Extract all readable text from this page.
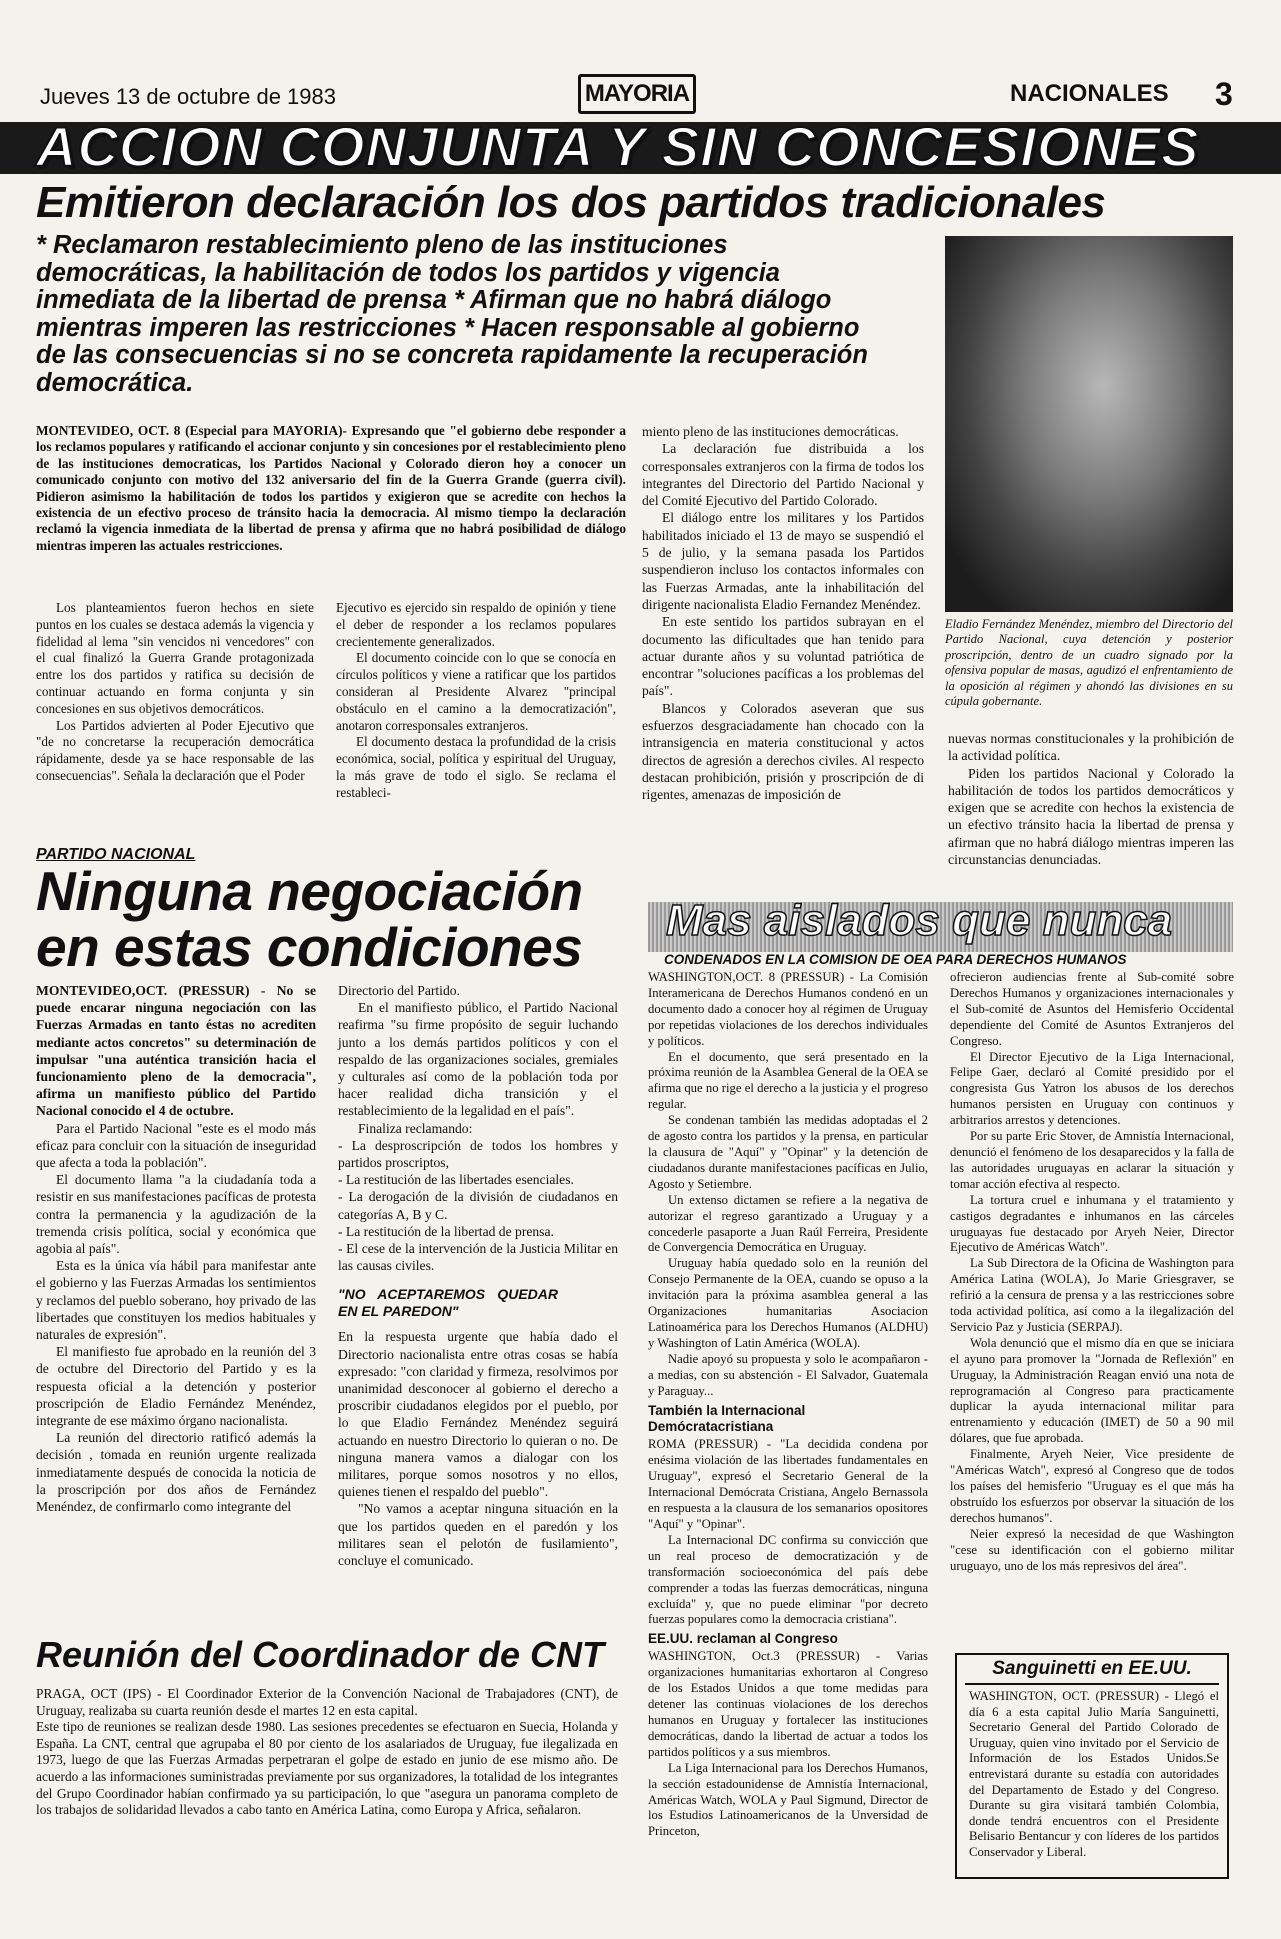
Jueves 13 de octubre de 1983	MAYORIA	NACIONALES 3
ACCION CONJUNTA Y SIN CONCESIONES
Emitieron declaración los dos partidos tradicionales
* Reclamaron restablecimiento pleno de las instituciones democráticas, la habilitación de todos los partidos y vigencia inmediata de la libertad de prensa * Afirman que no habrá diálogo mientras imperen las restricciones * Hacen responsable al gobierno de las consecuencias si no se concreta rapidamente la recuperación democrática.
Eladio Fernández Menéndez, miembro del Directorio del Partido Nacional, cuya detención y posterior proscripción, dentro de un cuadro signado por la ofensiva popular de masas, agudizó el enfrentamiento de la oposición al régimen y ahondó las divisiones en su cúpula gobernante.
MONTEVIDEO, OCT. 8 (Especial para MAYORIA)- Expresando que "el gobierno debe responder a los reclamos populares y ratificando el accionar conjunto y sin concesiones por el restablecimiento pleno de las instituciones democraticas, los Partidos Nacional y Colorado dieron hoy a conocer un comunicado conjunto con motivo del 132 aniversario del fin de la Guerra Grande (guerra civil). Pidieron asimismo la habilitación de todos los partidos y exigieron que se acredite con hechos la existencia de un efectivo proceso de tránsito hacia la democracia. Al mismo tiempo la declaración reclamó la vigencia inmediata de la libertad de prensa y afirma que no habrá posibilidad de diálogo mientras imperen las actuales restricciones.

Los planteamientos fueron hechos en siete puntos en los cuales se destaca además la vigencia y fidelidad al lema "sin vencidos ni vencedores" con el cual finalizó la Guerra Grande protagonizada entre los dos partidos y ratifica su decisión de continuar actuando en forma conjunta y sin concesiones en sus objetivos democráticos.

Los Partidos advierten al Poder Ejecutivo que "de no concretarse la recuperación democrática rápidamente, desde ya se hace responsable de las consecuencias". Señala la declaración que el Poder

Ejecutivo es ejercido sin respaldo de opinión y tiene el deber de responder a los reclamos populares crecientemente generalizados.

El documento coincide con lo que se conocía en círculos políticos y viene a ratificar que los partidos consideran al Presidente Alvarez "principal obstáculo en el camino a la democratización", anotaron corresponsales extranjeros.

El documento destaca la profundidad de la crisis económica, social, política y espiritual del Uruguay, la más grave de todo el siglo. Se reclama el restableci-

miento pleno de las instituciones democráticas.

La declaración fue distribuida a los corresponsales extranjeros con la firma de todos los integrantes del Directorio del Partido Nacional y del Comité Ejecutivo del Partido Colorado.

El diálogo entre los militares y los Partidos habilitados iniciado el 13 de mayo se suspendió el 5 de julio, y la semana pasada los Partidos suspendieron incluso los contactos informales con las Fuerzas Armadas, ante la inhabilitación del dirigente nacionalista Eladio Fernandez Menéndez.

En este sentido los partidos subrayan en el documento las dificultades que han tenido para actuar durante años y su voluntad patriótica de encontrar "soluciones pacíficas a los problemas del país".

Blancos y Colorados aseveran que sus esfuerzos desgraciadamente han chocado con la intransigencia en materia constitucional y actos directos de agresión a derechos civiles. Al respecto destacan prohibición, prisión y proscripción de di rigentes, amenazas de imposición de

nuevas normas constitucionales y la prohibición de la actividad política.

Piden los partidos Nacional y Colorado la habilitación de todos los partidos democráticos y exigen que se acredite con hechos la existencia de un efectivo tránsito hacia la libertad de prensa y afirman que no habrá diálogo mientras imperen las circunstancias denunciadas.

PARTIDO NACIONAL
Ninguna negociación
en estas condiciones

MONTEVIDEO,OCT. (PRESSUR) - No se puede encarar ninguna negociación con las Fuerzas Armadas en tanto éstas no acrediten mediante actos concretos" su determinación de impulsar "una auténtica transición hacia el funcionamiento pleno de la democracia", afirma un manifiesto público del Partido Nacional conocido el 4 de octubre.

Para el Partido Nacional "este es el modo más eficaz para concluir con la situación de inseguridad que afecta a toda la población".

El documento llama "a la ciudadanía toda a resistir en sus manifestaciones pacíficas de protesta contra la permanencia y la agudización de la tremenda crisis política, social y económica que agobia al país".

Esta es la única vía hábil para manifestar ante el gobierno y las Fuerzas Armadas los sentimientos y reclamos del pueblo soberano, hoy privado de las libertades que constituyen los medios habituales y naturales de expresión".

El manifiesto fue aprobado en la reunión del 3 de octubre del Directorio del Partido y es la respuesta oficial a la detención y posterior proscripción de Eladio Fernández Menéndez, integrante de ese máximo órgano nacionalista.

La reunión del directorio ratificó además la decisión , tomada en reunión urgente realizada inmediatamente después de conocida la noticia de la proscripción por dos años de Fernández Menéndez, de confirmarlo como integrante del

Directorio del Partido.

En el manifiesto público, el Partido Nacional reafirma "su firme propósito de seguir luchando junto a los demás partidos políticos y con el respaldo de las organizaciones sociales, gremiales y culturales así como de la población toda por hacer realidad dicha transición y el restablecimiento de la legalidad en el país".

Finaliza reclamando:

- La desproscripción de todos los hombres y partidos proscriptos,
- La restitución de las libertades esenciales.
- La derogación de la división de ciudadanos en categorías A, B y C.
- La restitución de la libertad de prensa.
- El cese de la intervención de la Justicia Militar en las causas civiles.
"NO ACEPTAREMOS QUEDAR EN EL PAREDON"

En la respuesta urgente que había dado el Directorio nacionalista entre otras cosas se había expresado: "con claridad y firmeza, resolvimos por unanimidad desconocer al gobierno el derecho a proscribir ciudadanos elegidos por el pueblo, por lo que Eladio Fernández Menéndez seguirá actuando en nuestro Directorio lo quieran o no. De ninguna manera vamos a dialogar con los militares, porque somos nosotros y no ellos, quienes tienen el respaldo del pueblo".

"No vamos a aceptar ninguna situación en la que los partidos queden en el paredón y los militares sean el pelotón de fusilamiento", concluye el comunicado.

Reunión del Coordinador de CNT

PRAGA, OCT (IPS) - El Coordinador Exterior de la Convención Nacional de Trabajadores (CNT), de Uruguay, realizaba su cuarta reunión desde el martes 12 en esta capital.

Este tipo de reuniones se realizan desde 1980. Las sesiones precedentes se efectuaron en Suecia, Holanda y España. La CNT, central que agrupaba el 80 por ciento de los asalariados de Uruguay, fue ilegalizada en 1973, luego de que las Fuerzas Armadas perpetraran el golpe de estado en junio de ese mismo año. De acuerdo a las informaciones suministradas previamente por sus organizadores, la totalidad de los integrantes del Grupo Coordinador habían confirmado ya su participación, lo que "asegura un panorama completo de los trabajos de solidaridad llevados a cabo tanto en América Latina, como Europa y Africa, señalaron.

Mas aislados que nunca
CONDENADOS EN LA COMISION DE OEA PARA DERECHOS HUMANOS

WASHINGTON,OCT. 8 (PRESSUR) - La Comisión Interamericana de Derechos Humanos condenó en un documento dado a conocer hoy al régimen de Uruguay por repetidas violaciones de los derechos individuales y políticos.

En el documento, que será presentado en la próxima reunión de la Asamblea General de la OEA se afirma que no rige el derecho a la justicia y el progreso regular.

Se condenan también las medidas adoptadas el 2 de agosto contra los partidos y la prensa, en particular la clausura de "Aquí" y "Opinar" y la detención de ciudadanos durante manifestaciones pacíficas en Julio, Agosto y Setiembre.

Un extenso dictamen se refiere a la negativa de autorizar el regreso garantizado a Uruguay y a concederle pasaporte a Juan Raúl Ferreira, Presidente de Convergencia Democrática en Uruguay.

Uruguay había quedado solo en la reunión del Consejo Permanente de la OEA, cuando se opuso a la invitación para la próxima asamblea general a las Organizaciones humanitarias Asociacion Latinoamérica para los Derechos Humanos (ALDHU) y Washington of Latin América (WOLA).

Nadie apoyó su propuesta y solo le acompañaron - a medias, con su abstención - El Salvador, Guatemala y Paraguay...

También la Internacional Demócratacristiana

ROMA (PRESSUR) - "La decidida condena por enésima violación de las libertades fundamentales en Uruguay", expresó el Secretario General de la Internacional Demócrata Cristiana, Angelo Bernassola en respuesta a la clausura de los semanarios opositores "Aquí" y "Opinar".

La Internacional DC confirma su convicción que un real proceso de democratización y de transformación socioeconómica del país debe comprender a todas las fuerzas democráticas, ninguna excluída" y, que no puede eliminar "por decreto fuerzas populares como la democracia cristiana".

EE.UU. reclaman al Congreso

WASHINGTON, Oct.3 (PRESSUR) - Varias organizaciones humanitarias exhortaron al Congreso de los Estados Unidos a que tome medidas para detener las continuas violaciones de los derechos humanos en Uruguay y fortalecer las instituciones democráticas, dando la libertad de actuar a todos los partidos políticos y a sus miembros.

La Liga Internacional para los Derechos Humanos, la sección estadounidense de Amnistía Internacional, Américas Watch, WOLA y Paul Sigmund, Director de los Estudios Latinoamericanos de la Unversidad de Princeton,

ofrecieron audiencias frente al Sub-comité sobre Derechos Humanos y organizaciones internacionales y el Sub-comité de Asuntos del Hemisferio Occidental dependiente del Comité de Asuntos Extranjeros del Congreso.

El Director Ejecutivo de la Liga Internacional, Felipe Gaer, declaró al Comité presidido por el congresista Gus Yatron los abusos de los derechos humanos persisten en Uruguay con continuos y arbitrarios arrestos y detenciones.

Por su parte Eric Stover, de Amnistía Internacional, denunció el fenómeno de los desaparecidos y la falla de las autoridades uruguayas en aclarar la situación y tomar acción efectiva al respecto.

La tortura cruel e inhumana y el tratamiento y castigos degradantes e inhumanos en las cárceles uruguayas fue destacado por Aryeh Neier, Director Ejecutivo de Américas Watch".

La Sub Directora de la Oficina de Washington para América Latina (WOLA), Jo Marie Griesgraver, se refirió a la censura de prensa y a las restricciones sobre toda actividad política, así como a la ilegalización del Servicio Paz y Justicia (SERPAJ).

Wola denunció que el mismo día en que se iniciara el ayuno para promover la "Jornada de Reflexión" en Uruguay, la Administración Reagan envió una nota de reprogramación al Congreso para practicamente duplicar la ayuda internacional militar para entrenamiento y educación (IMET) de 50 a 90 mil dólares, que fue aprobada.

Finalmente, Aryeh Neier, Vice presidente de "Américas Watch", expresó al Congreso que de todos los países del hemisferio "Uruguay es el que más ha obstruído los esfuerzos por observar la situación de los derechos humanos".

Neier expresó la necesidad de que Washington "cese su identificación con el gobierno militar uruguayo, uno de los más represivos del área".

Sanguinetti en EE.UU.
WASHINGTON, OCT. (PRESSUR) - Llegó el día 6 a esta capital Julio María Sanguinetti, Secretario General del Partido Colorado de Uruguay, quien vino invitado por el Servicio de Información de los Estados Unidos.Se entrevistará durante su estadía con autoridades del Departamento de Estado y del Congreso. Durante su gira visitará también Colombia, donde tendrá encuentros con el Presidente Belisario Bentancur y con líderes de los partidos Conservador y Liberal.
